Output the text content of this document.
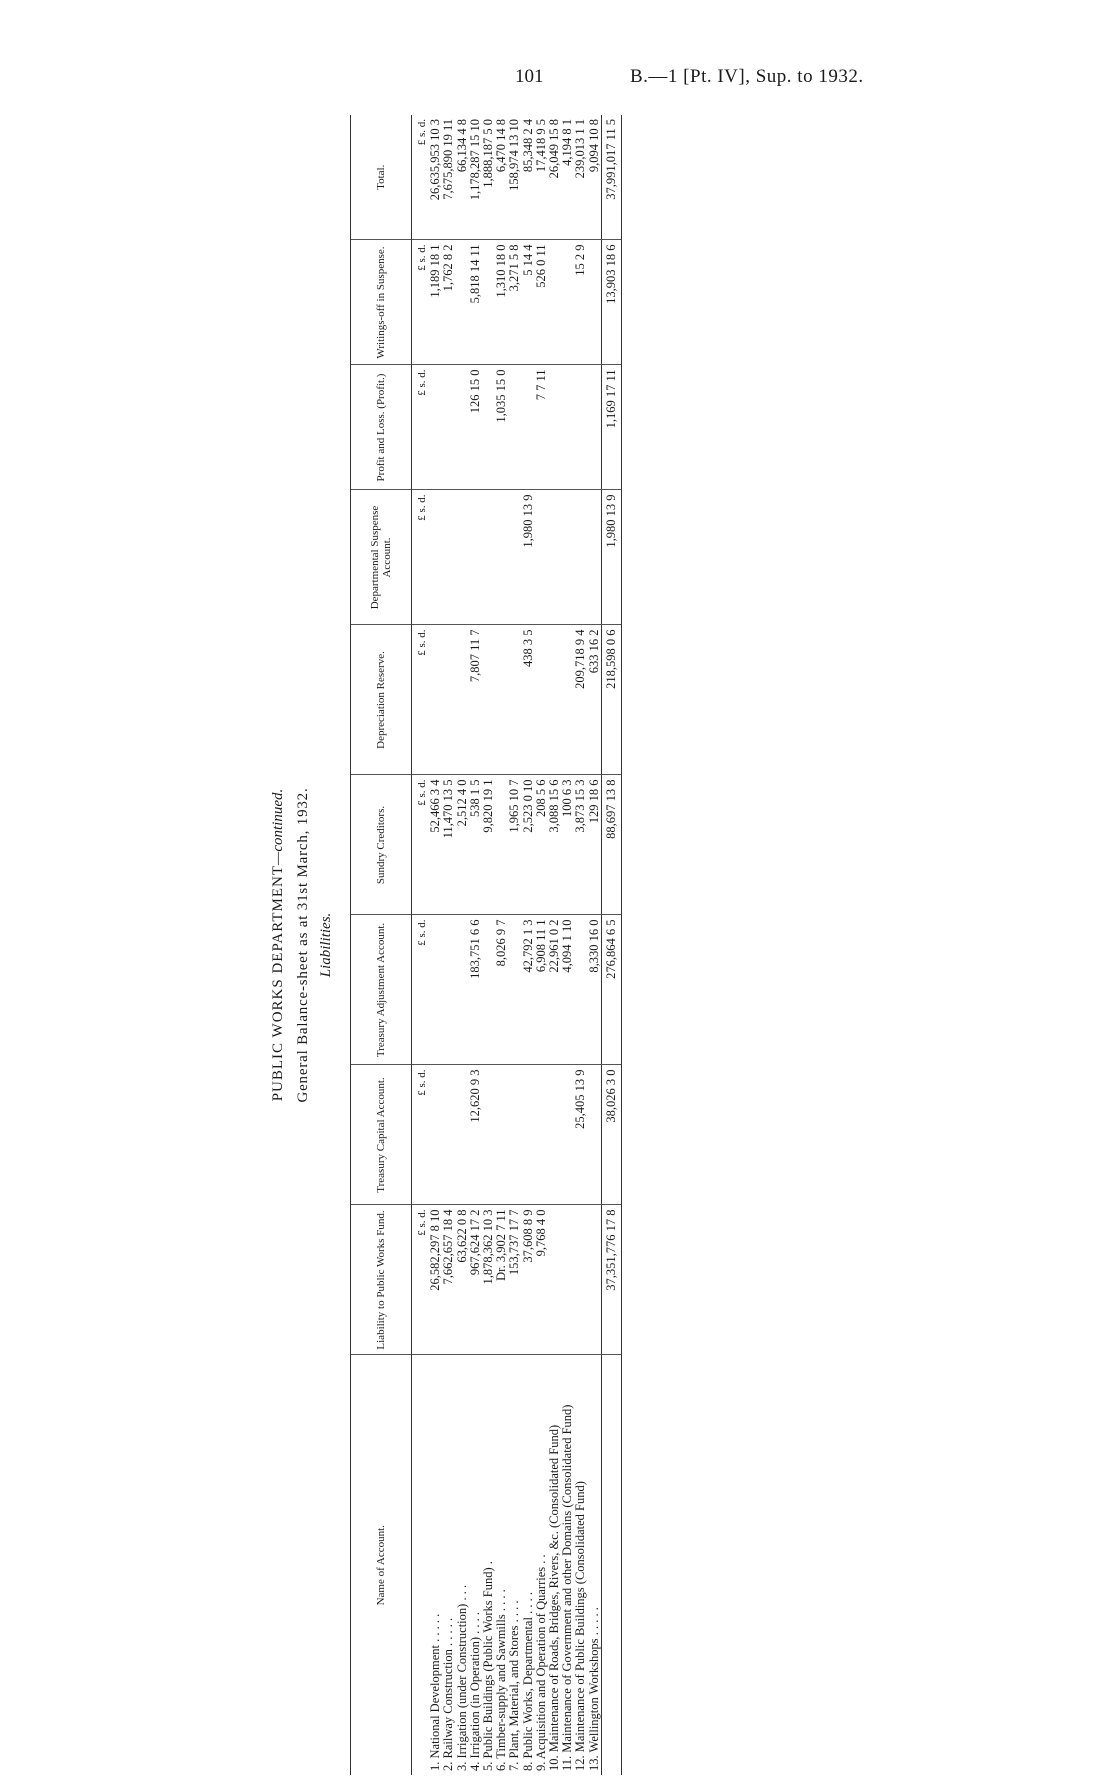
101	B.—1 [Pt. IV], Sup. to 1932.
PUBLIC WORKS DEPARTMENT—continued. General Balance-sheet as at 31st March, 1932. Liabilities.
Name of Account.	Liability to Public Works Fund.	Treasury Capital Account.	Treasury Adjustment Account.	Sundry Creditors.	Depreciation Reserve.	Departmental Suspense Account.	Profit and Loss. (Profit.)	Writings-off in Suspense.	Total.
	£ s. d.	£ s. d.	£ s. d.	£ s. d.	£ s. d.	£ s. d.	£ s. d.	£ s. d.	£ s. d.
1. National Development . . . . .	26,582,297 8 10			52,466 3 4				1,189 18 1	26,635,953 10 3
2. Railway Construction . . . . .	7,662,657 18 4			11,470 13 5				1,762 8 2	7,675,890 19 11
3. Irrigation (under Construction) . . .	63,622 0 8			2,512 4 0					66,134 4 8
4. Irrigation (in Operation) . . . .	967,624 17 2	12,620 9 3	183,751 6 6	538 1 5	7,807 11 7		126 15 0	5,818 14 11	1,178,287 15 10
5. Public Buildings (Public Works Fund) .	1,878,362 10 3			9,820 19 1					1,888,187 5 0
6. Timber-supply and Sawmills . . . .	Dr. 3,902 7 11		8,026 9 7				1,035 15 0	1,310 18 0	6,470 14 8
7. Plant, Material, and Stores . . . .	153,737 17 7			1,965 10 7				3,271 5 8	158,974 13 10
8. Public Works, Departmental . . . .	37,608 8 9		42,792 1 3	2,523 0 10	438 3 5	1,980 13 9		5 14 4	85,348 2 4
9. Acquisition and Operation of Quarries . .	9,768 4 0		6,908 11 1	208 5 6			7 7 11	526 0 11	17,418 9 5
10. Maintenance of Roads, Bridges, Rivers, &c. (Consolidated Fund)			22,961 0 2	3,088 15 6					26,049 15 8
11. Maintenance of Government and other Domains (Consolidated Fund)			4,094 1 10	100 6 3					4,194 8 1
12. Maintenance of Public Buildings (Consolidated Fund)		25,405 13 9		3,873 15 3	209,718 9 4			15 2 9	239,013 1 1
13. Wellington Workshops . . . . .			8,330 16 0	129 18 6	633 16 2				9,094 10 8
	37,351,776 17 8	38,026 3 0	276,864 6 5	88,697 13 8	218,598 0 6	1,980 13 9	1,169 17 11	13,903 18 6	37,991,017 11 5
